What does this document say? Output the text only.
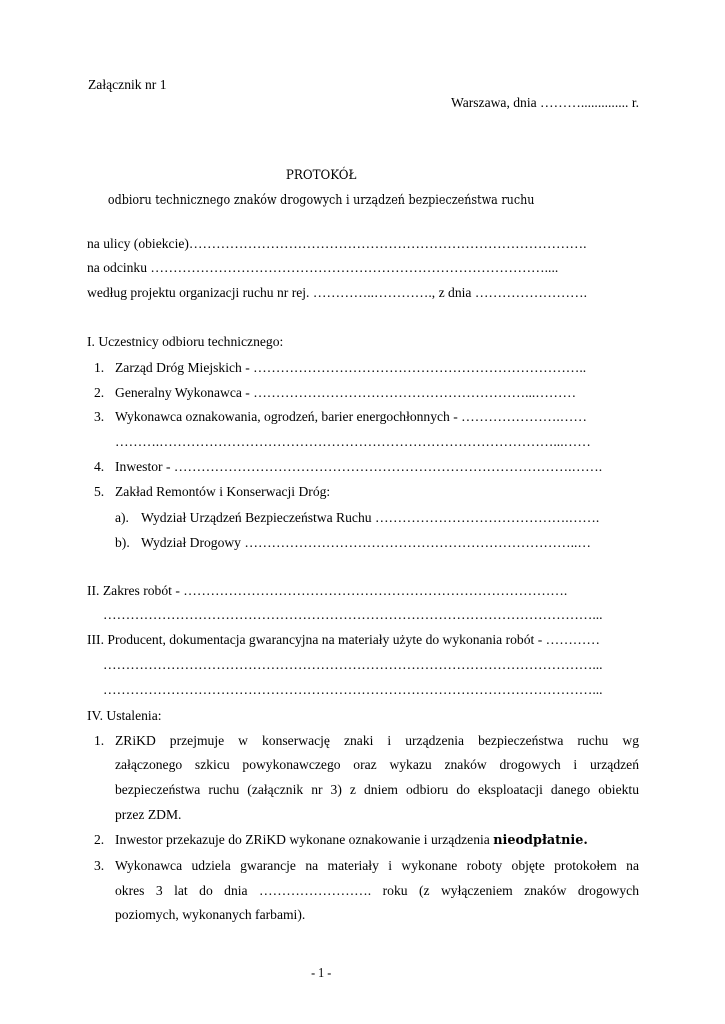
Załącznik nr 1
Warszawa, dnia ……….............. r.
PROTOKÓŁ
odbioru technicznego znaków drogowych i urządzeń bezpieczeństwa ruchu
na ulicy (obiekcie)…………………………………………………………………………….
na odcinku ……………………………………………………………………………....
według projektu organizacji ruchu nr rej. …………..…………., z dnia …………………….
I. Uczestnicy odbioru technicznego:
1. Zarząd Dróg Miejskich - ………………………………………………………………..
2. Generalny Wykonawca - ……………………………………………………...………
3. Wykonawca oznakowania, ogrodzeń, barier energochłonnych - ………………….……
……….……………………………………………………………………………...……
4. Inwestor - …………………………………………………………………………….…….
5. Zakład Remontów i Konserwacji Dróg:
a). Wydział Urządzeń Bezpieczeństwa Ruchu …………………………………….…….
b). Wydział Drogowy ………………………………………………………………..…
II. Zakres robót - ………………………………………………………………………….
………………………………………………………………………………………………...
III. Producent, dokumentacja gwarancyjna na materiały użyte do wykonania robót - …………
………………………………………………………………………………………………...
………………………………………………………………………………………………...
IV. Ustalenia:
1. ZRiKD przejmuje w konserwację znaki i urządzenia bezpieczeństwa ruchu wg
załączonego szkicu powykonawczego oraz wykazu znaków drogowych i urządzeń
bezpieczeństwa ruchu (załącznik nr 3) z dniem odbioru do eksploatacji danego obiektu
przez ZDM.
2. Inwestor przekazuje do ZRiKD wykonane oznakowanie i urządzenia nieodpłatnie.
3. Wykonawca udziela gwarancje na materiały i wykonane roboty objęte protokołem na
okres 3 lat do dnia ……………………. roku (z wyłączeniem znaków drogowych
poziomych, wykonanych farbami).
- 1 -
